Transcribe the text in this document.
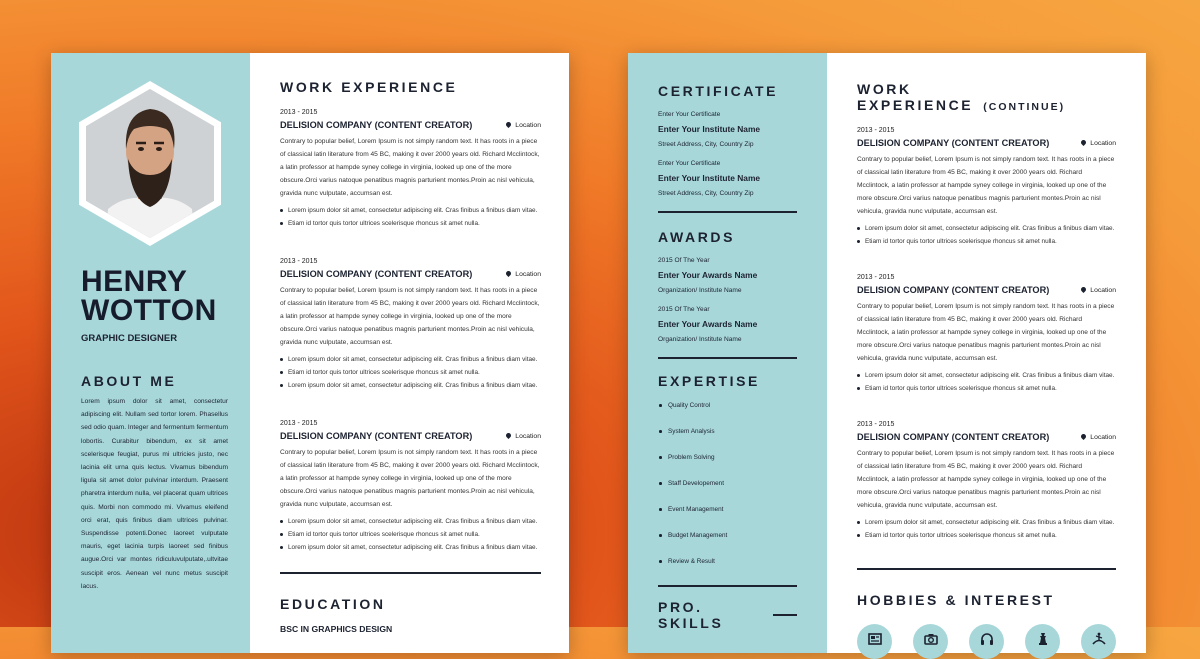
HENRY
WOTTON
GRAPHIC DESIGNER
ABOUT ME
Lorem ipsum dolor sit amet, consectetur adipiscing elit. Nullam sed tortor lorem. Phasellus sed odio quam. Integer and fermentum fermentum lobortis. Curabitur bibendum, ex sit amet scelerisque feugiat, purus mi ultricies justo, nec lacinia elit urna quis lectus. Vivamus bibendum ligula sit amet dolor pulvinar interdum. Praesent pharetra interdum nulla, vel placerat quam ultrices quis. Morbi non commodo mi. Vivamus eleifend orci erat, quis finibus diam ultrices pulvinar. Suspendisse potenti.Donec laoreet vulputate mauris, eget lacinia turpis laoreet sed finibus augue.Orci var montes ridiculuvulputate,.ultvitae suscipit eros. Aenean vel nunc metus suscipit lacus.
WORK EXPERIENCE
2013 - 2015
DELISION COMPANY (CONTENT CREATOR)	Location
Contrary to popular belief, Lorem Ipsum is not simply random text. It has roots in a piece of classical latin literature from 45 BC, making it over 2000 years old. Richard Mcclintock, a latin professor at hampde syney college in virginia, looked up one of the more obscure.Orci varius natoque penatibus magnis parturient montes.Proin ac nisl vehicula, gravida nunc vulputate, accumsan est.
Lorem ipsum dolor sit amet, consectetur adipiscing elit. Cras finibus a finibus diam vitae.
Etiam id tortor quis tortor ultrices scelerisque rhoncus sit amet nulla.
2013 - 2015
DELISION COMPANY (CONTENT CREATOR)	Location
Contrary to popular belief, Lorem Ipsum is not simply random text. It has roots in a piece of classical latin literature from 45 BC, making it over 2000 years old. Richard Mcclintock, a latin professor at hampde syney college in virginia, looked up one of the more obscure.Orci varius natoque penatibus magnis parturient montes.Proin ac nisl vehicula, gravida nunc vulputate, accumsan est.
Lorem ipsum dolor sit amet, consectetur adipiscing elit. Cras finibus a finibus diam vitae.
Etiam id tortor quis tortor ultrices scelerisque rhoncus sit amet nulla.
Lorem ipsum dolor sit amet, consectetur adipiscing elit. Cras finibus a finibus diam vitae.
2013 - 2015
DELISION COMPANY (CONTENT CREATOR)	Location
Contrary to popular belief, Lorem Ipsum is not simply random text. It has roots in a piece of classical latin literature from 45 BC, making it over 2000 years old. Richard Mcclintock, a latin professor at hampde syney college in virginia, looked up one of the more obscure.Orci varius natoque penatibus magnis parturient montes.Proin ac nisl vehicula, gravida nunc vulputate, accumsan est.
Lorem ipsum dolor sit amet, consectetur adipiscing elit. Cras finibus a finibus diam vitae.
Etiam id tortor quis tortor ultrices scelerisque rhoncus sit amet nulla.
Lorem ipsum dolor sit amet, consectetur adipiscing elit. Cras finibus a finibus diam vitae.
EDUCATION
BSC IN GRAPHICS DESIGN
CERTIFICATE
Enter Your Certificate
Enter Your Institute Name
Street Address, City, Country Zip
Enter Your Certificate
Enter Your Institute Name
Street Address, City, Country Zip
AWARDS
2015 Of The Year
Enter Your Awards Name
Organization/ Institute Name
2015 Of The Year
Enter Your Awards Name
Organization/ Institute Name
EXPERTISE
Quality Control
System Analysis
Problem Solving
Staff Developement
Event Management
Budget Management
Review & Result
PRO. SKILLS
WORK EXPERIENCE (CONTINUE)
2013 - 2015
DELISION COMPANY (CONTENT CREATOR)	Location
Contrary to popular belief, Lorem Ipsum is not simply random text. It has roots in a piece of classical latin literature from 45 BC, making it over 2000 years old. Richard Mcclintock, a latin professor at hampde syney college in virginia, looked up one of the more obscure.Orci varius natoque penatibus magnis parturient montes.Proin ac nisl vehicula, gravida nunc vulputate, accumsan est.
Lorem ipsum dolor sit amet, consectetur adipiscing elit. Cras finibus a finibus diam vitae.
Etiam id tortor quis tortor ultrices scelerisque rhoncus sit amet nulla.
2013 - 2015
DELISION COMPANY (CONTENT CREATOR)	Location
Contrary to popular belief, Lorem Ipsum is not simply random text. It has roots in a piece of classical latin literature from 45 BC, making it over 2000 years old. Richard Mcclintock, a latin professor at hampde syney college in virginia, looked up one of the more obscure.Orci varius natoque penatibus magnis parturient montes.Proin ac nisl vehicula, gravida nunc vulputate, accumsan est.
Lorem ipsum dolor sit amet, consectetur adipiscing elit. Cras finibus a finibus diam vitae.
Etiam id tortor quis tortor ultrices scelerisque rhoncus sit amet nulla.
2013 - 2015
DELISION COMPANY (CONTENT CREATOR)	Location
Contrary to popular belief, Lorem Ipsum is not simply random text. It has roots in a piece of classical latin literature from 45 BC, making it over 2000 years old. Richard Mcclintock, a latin professor at hampde syney college in virginia, looked up one of the more obscure.Orci varius natoque penatibus magnis parturient montes.Proin ac nisl vehicula, gravida nunc vulputate, accumsan est.
Lorem ipsum dolor sit amet, consectetur adipiscing elit. Cras finibus a finibus diam vitae.
Etiam id tortor quis tortor ultrices scelerisque rhoncus sit amet nulla.
HOBBIES & INTEREST
